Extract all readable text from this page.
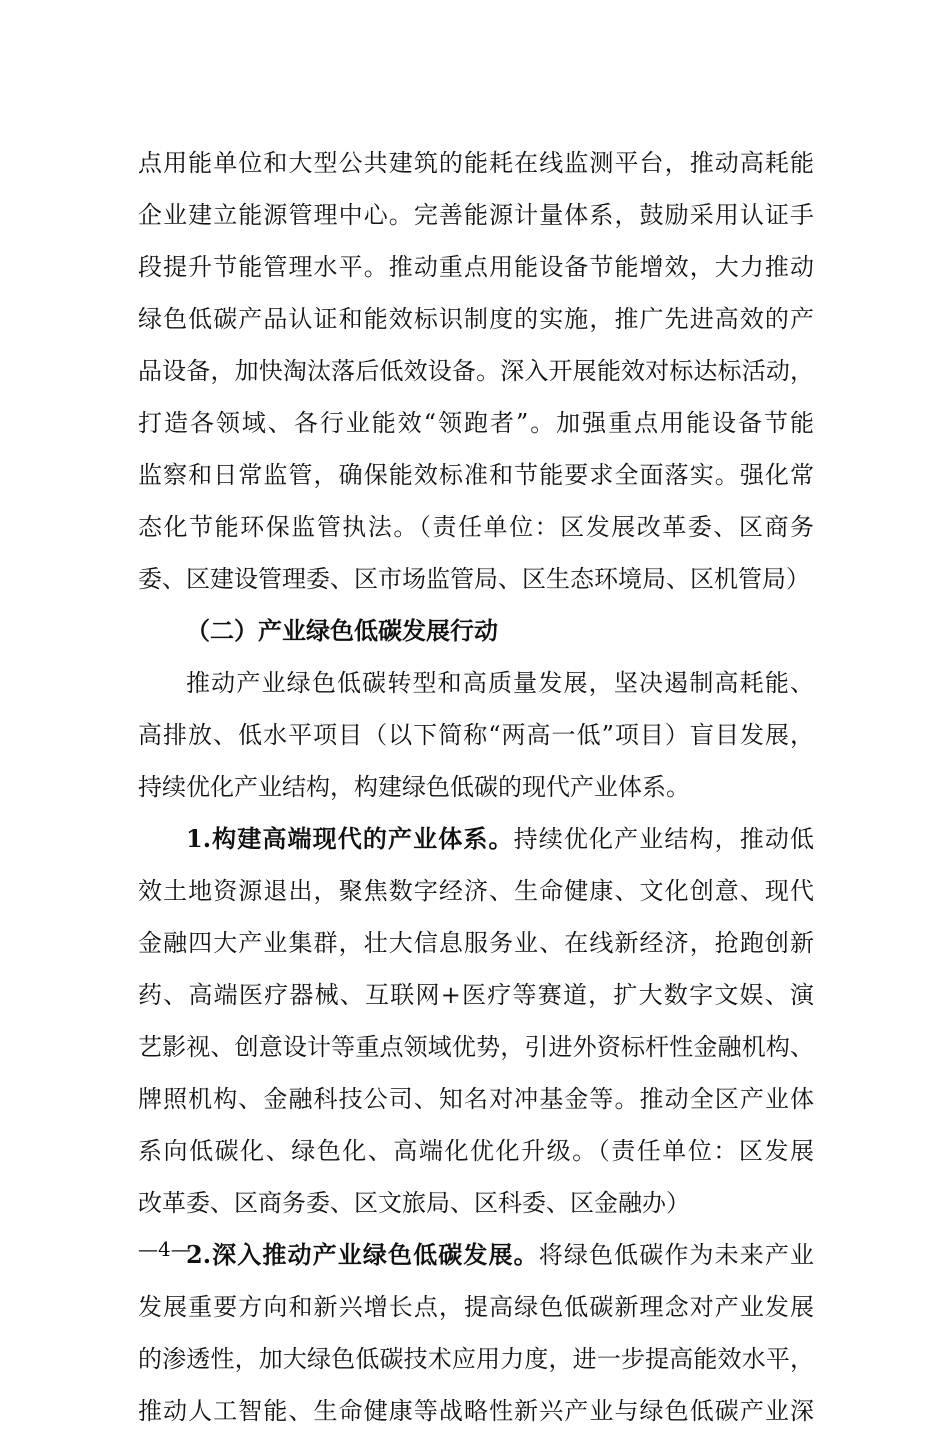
点用能单位和大型公共建筑的能耗在线监测平台，推动高耗能
企业建立能源管理中心。完善能源计量体系，鼓励采用认证手
段提升节能管理水平。推动重点用能设备节能增效，大力推动
绿色低碳产品认证和能效标识制度的实施，推广先进高效的产
品设备，加快淘汰落后低效设备。深入开展能效对标达标活动，
打造各领域、各行业能效“领跑者”。加强重点用能设备节能
监察和日常监管，确保能效标准和节能要求全面落实。强化常
态化节能环保监管执法。（责任单位：区发展改革委、区商务
委、区建设管理委、区市场监管局、区生态环境局、区机管局）
（二）产业绿色低碳发展行动
推动产业绿色低碳转型和高质量发展，坚决遏制高耗能、
高排放、低水平项目（以下简称“两高一低”项目）盲目发展，
持续优化产业结构，构建绿色低碳的现代产业体系。
1.构建高端现代的产业体系。持续优化产业结构，推动低
效土地资源退出，聚焦数字经济、生命健康、文化创意、现代
金融四大产业集群，壮大信息服务业、在线新经济，抢跑创新
药、高端医疗器械、互联网+医疗等赛道，扩大数字文娱、演
艺影视、创意设计等重点领域优势，引进外资标杆性金融机构、
牌照机构、金融科技公司、知名对冲基金等。推动全区产业体
系向低碳化、绿色化、高端化优化升级。（责任单位：区发展
改革委、区商务委、区文旅局、区科委、区金融办）
2.深入推动产业绿色低碳发展。将绿色低碳作为未来产业
发展重要方向和新兴增长点，提高绿色低碳新理念对产业发展
的渗透性，加大绿色低碳技术应用力度，进一步提高能效水平，
推动人工智能、生命健康等战略性新兴产业与绿色低碳产业深
—4—
